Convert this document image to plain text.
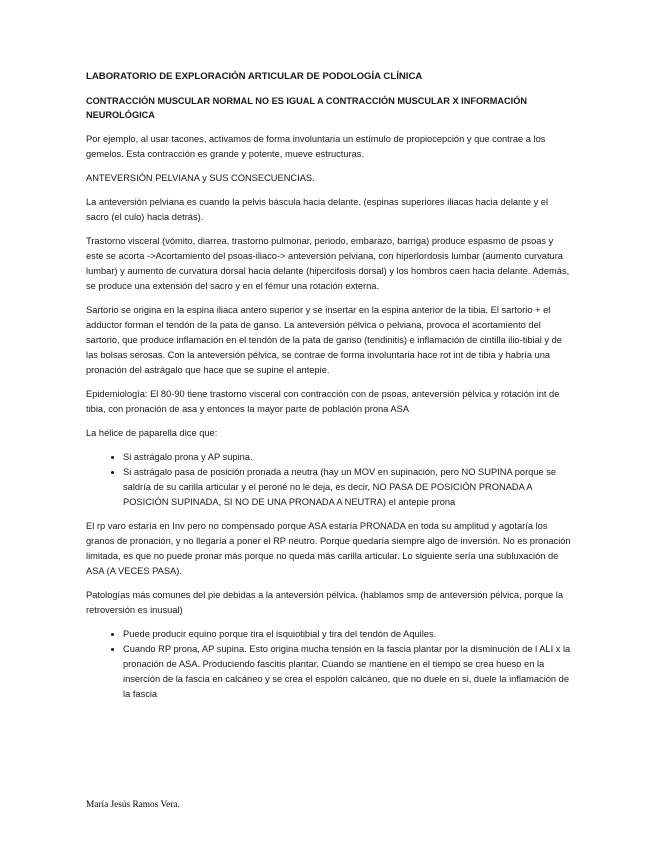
LABORATORIO DE EXPLORACIÓN ARTICULAR DE PODOLOGÍA CLÍNICA
CONTRACCIÓN MUSCULAR NORMAL NO ES IGUAL A CONTRACCIÓN MUSCULAR X INFORMACIÓN NEUROLÓGICA

Por ejemplo, al usar tacones, activamos de forma involuntaria un estímulo de propiocepción y que contrae a los gemelos. Esta contracción es grande y potente, mueve estructuras.

ANTEVERSIÓN PELVIANA y SUS CONSECUENCIAS.

La anteversión pelviana es cuando la pelvis báscula hacia delante. (espinas superiores iliacas hacia delante y el sacro (el culo) hacia detrás).

Trastorno visceral (vómito, diarrea, trastorno pulmonar, periodo, embarazo, barriga) produce espasmo de psoas y este se acorta ->Acortamiento del psoas-iliaco-> anteversión pelviana, con hiperlordosis lumbar (aumento curvatura lumbar) y aumento de curvatura dorsal hacia delante (hipercifosis dorsal) y los hombros caen hacia delante. Además, se produce una extensión del sacro y en el fémur una rotación externa.

Sartorio se origina en la espina iliaca antero superior y se insertar en la espina anterior de la tibia. El sartorio + el adductor forman el tendón de la pata de ganso. La anteversión pélvica o pelviana, provoca el acortamiento del sartorio, que produce inflamación en el tendón de la pata de ganso (tendinitis) e inflamación de cintilla ilio-tibial y de las bolsas serosas. Con la anteversión pélvica, se contrae de forma involuntaria hace rot int de tibia y habría una pronación del astrágalo que hace que se supine el antepie.

Epidemiología: El 80-90 tiene trastorno visceral con contracción con de psoas, anteversión pélvica y rotación int de tibia, con pronación de asa y entonces la mayor parte de población prona ASA

La hélice de paparella dice que:

• Si astrágalo prona y AP supina.
• Si astrágalo pasa de posición pronada a neutra (hay un MOV en supinación, pero NO SUPINA porque se saldría de su carilla articular y el peroné no le deja, es decir, NO PASA DE POSICIÓN PRONADA A POSICIÓN SUPINADA, SI NO DE UNA PRONADA A NEUTRA) el antepie prona

El rp varo estaría en Inv pero no compensado porque ASA estaría PRONADA en toda su amplitud y agotaría los granos de pronación, y no llegaría a poner el RP neutro. Porque quedaría siempre algo de inversión. No es pronación limitada, es que no puede pronar más porque no queda más carilla articular. Lo siguiente sería una subluxación de ASA (A VECES PASA).

Patologías más comunes del pie debidas a la anteversión pélvica. (hablamos smp de anteversión pélvica, porque la retroversión es inusual)

• Puede producir equino porque tira el isquiotibial y tira del tendón de Aquiles.
• Cuando RP prona, AP supina. Esto origina mucha tensión en la fascia plantar por la disminución de l ALI x la pronación de ASA. Produciendo fascitis plantar. Cuando se mantiene en el tiempo se crea hueso en la inserción de la fascia en calcáneo y se crea el espolón calcáneo, que no duele en si, duele la inflamación de la fascia
María Jesús Ramos Vera.
